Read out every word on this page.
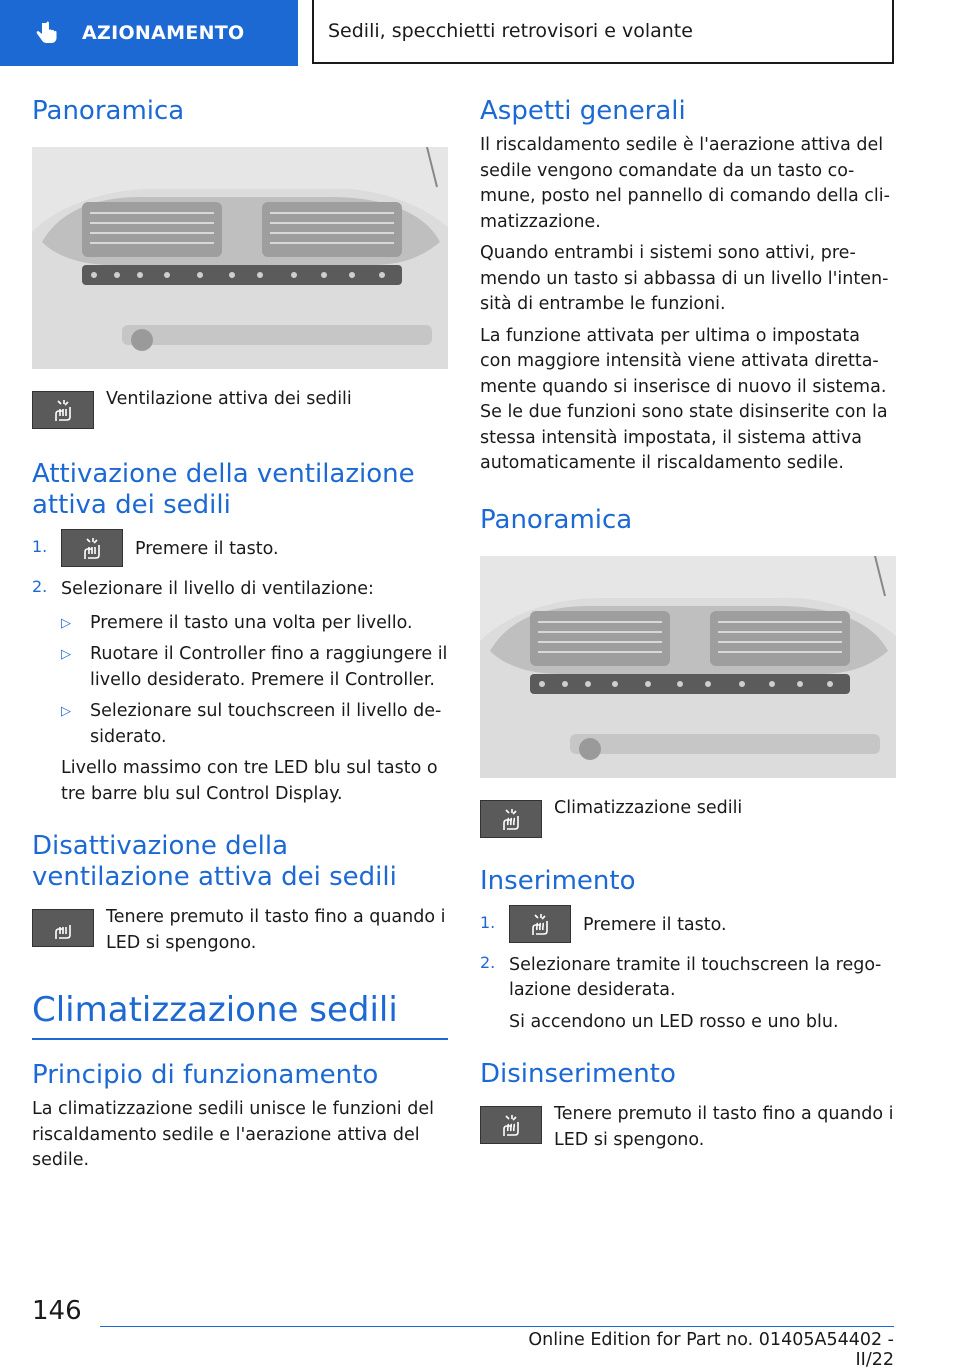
AZIONAMENTO	Sedili, specchietti retrovisori e volante
Panoramica

Ventilazione attiva dei sedili

Attivazione della ventilazione attiva dei sedili
1.	Premere il tasto.

2. Selezionare il livello di ventilazione:

▷	Premere il tasto una volta per livello.

▷	Ruotare il Controller fino a raggiungere il livello desiderato. Premere il Controller.

▷	Selezionare sul touchscreen il livello desiderato.

Livello massimo con tre LED blu sul tasto o tre barre blu sul Control Display.

Disattivazione della ventilazione attiva dei sedili

Tenere premuto il tasto fino a quando i LED si spengono.

Climatizzazione sedili
Principio di funzionamento

La climatizzazione sedili unisce le funzioni del riscaldamento sedile e l'aerazione attiva del sedile.

Aspetti generali

Il riscaldamento sedile è l'aerazione attiva del sedile vengono comandate da un tasto comune, posto nel pannello di comando della climatizzazione.

Quando entrambi i sistemi sono attivi, premendo un tasto si abbassa di un livello l'intensità di entrambe le funzioni.

La funzione attivata per ultima o impostata con maggiore intensità viene attivata direttamente quando si inserisce di nuovo il sistema. Se le due funzioni sono state disinserite con la stessa intensità impostata, il sistema attiva automaticamente il riscaldamento sedile.

Panoramica

Climatizzazione sedili

Inserimento
1.	Premere il tasto.

2. Selezionare tramite il touchscreen la regolazione desiderata.

Si accendono un LED rosso e uno blu.

Disinserimento

Tenere premuto il tasto fino a quando i LED si spengono.

146
Online Edition for Part no. 01405A54402 - II/22
